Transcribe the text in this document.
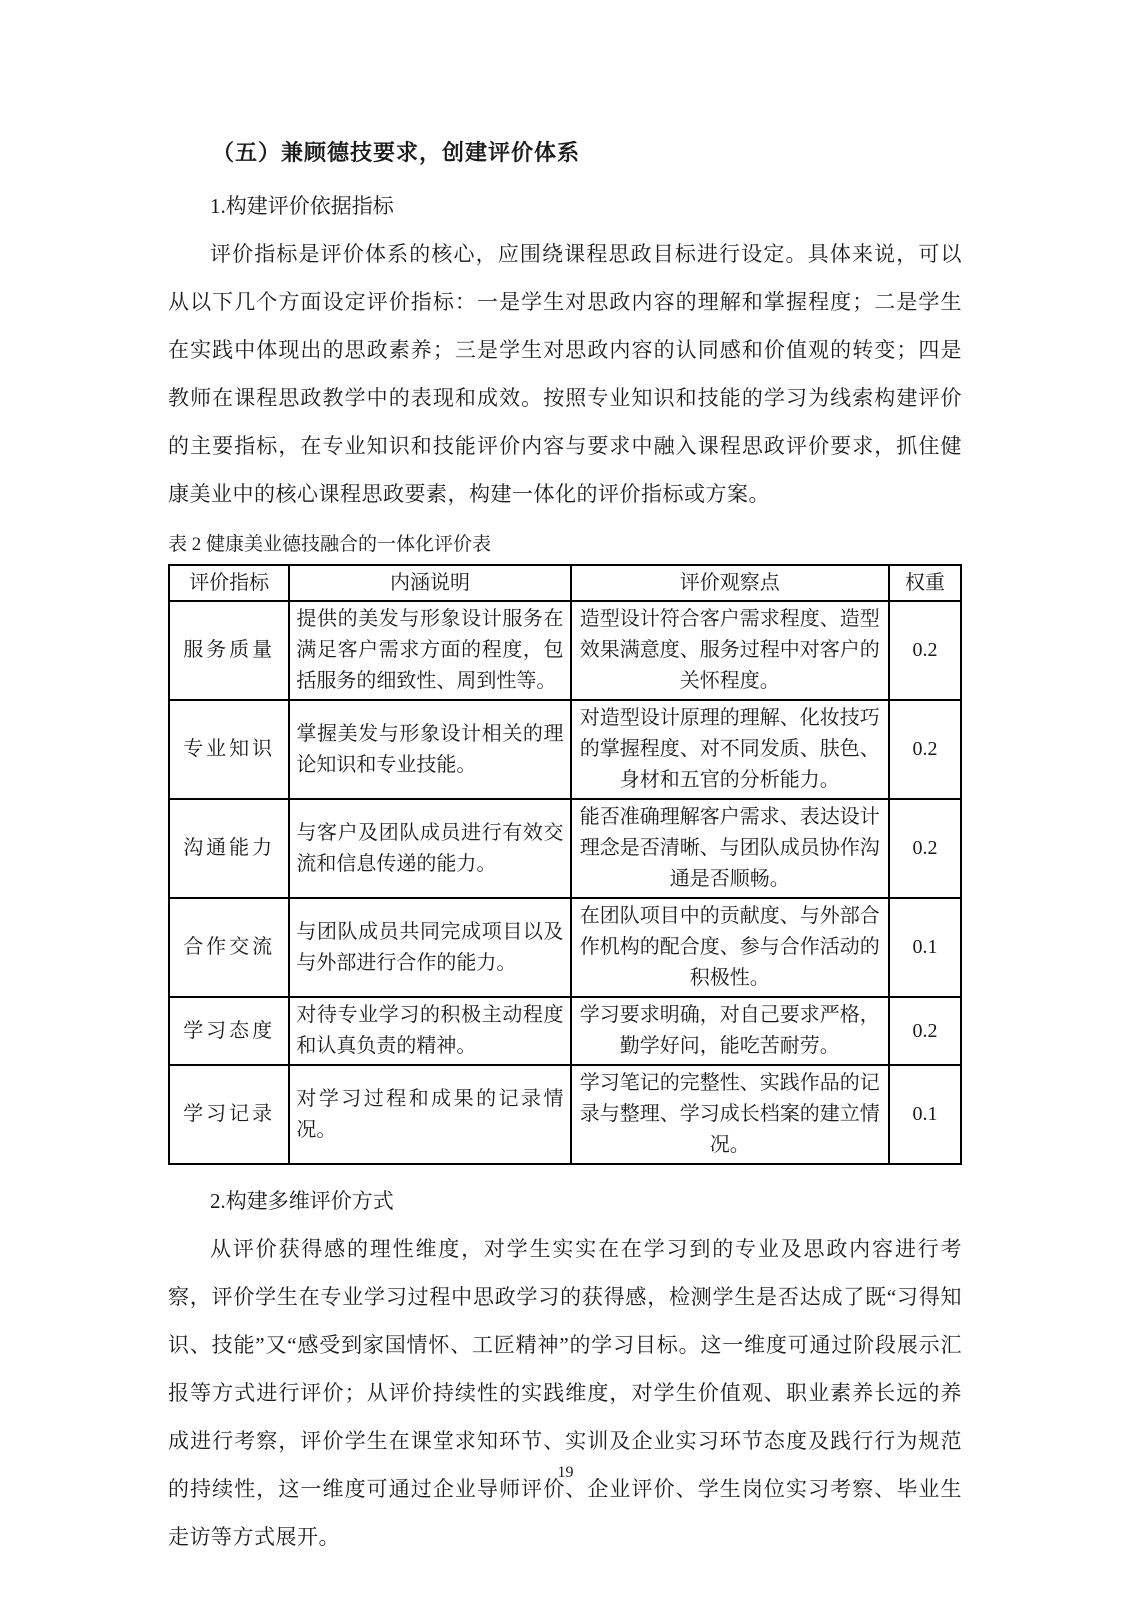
（五）兼顾德技要求，创建评价体系
1.构建评价依据指标

评价指标是评价体系的核心，应围绕课程思政目标进行设定。具体来说，可以从以下几个方面设定评价指标：一是学生对思政内容的理解和掌握程度；二是学生在实践中体现出的思政素养；三是学生对思政内容的认同感和价值观的转变；四是教师在课程思政教学中的表现和成效。按照专业知识和技能的学习为线索构建评价的主要指标，在专业知识和技能评价内容与要求中融入课程思政评价要求，抓住健康美业中的核心课程思政要素，构建一体化的评价指标或方案。

表 2 健康美业德技融合的一体化评价表
评价指标	内涵说明	评价观察点	权重
服务质量	提供的美发与形象设计服务在满足客户需求方面的程度，包括服务的细致性、周到性等。	造型设计符合客户需求程度、造型效果满意度、服务过程中对客户的关怀程度。	0.2
专业知识	掌握美发与形象设计相关的理论知识和专业技能。	对造型设计原理的理解、化妆技巧的掌握程度、对不同发质、肤色、身材和五官的分析能力。	0.2
沟通能力	与客户及团队成员进行有效交流和信息传递的能力。	能否准确理解客户需求、表达设计理念是否清晰、与团队成员协作沟通是否顺畅。	0.2
合作交流	与团队成员共同完成项目以及与外部进行合作的能力。	在团队项目中的贡献度、与外部合作机构的配合度、参与合作活动的积极性。	0.1
学习态度	对待专业学习的积极主动程度和认真负责的精神。	学习要求明确，对自己要求严格，勤学好问，能吃苦耐劳。	0.2
学习记录	对学习过程和成果的记录情况。	学习笔记的完整性、实践作品的记录与整理、学习成长档案的建立情况。	0.1
2.构建多维评价方式

从评价获得感的理性维度，对学生实实在在学习到的专业及思政内容进行考察，评价学生在专业学习过程中思政学习的获得感，检测学生是否达成了既“习得知识、技能”又“感受到家国情怀、工匠精神”的学习目标。这一维度可通过阶段展示汇报等方式进行评价；从评价持续性的实践维度，对学生价值观、职业素养长远的养成进行考察，评价学生在课堂求知环节、实训及企业实习环节态度及践行行为规范的持续性，这一维度可通过企业导师评价、企业评价、学生岗位实习考察、毕业生走访等方式展开。

19
